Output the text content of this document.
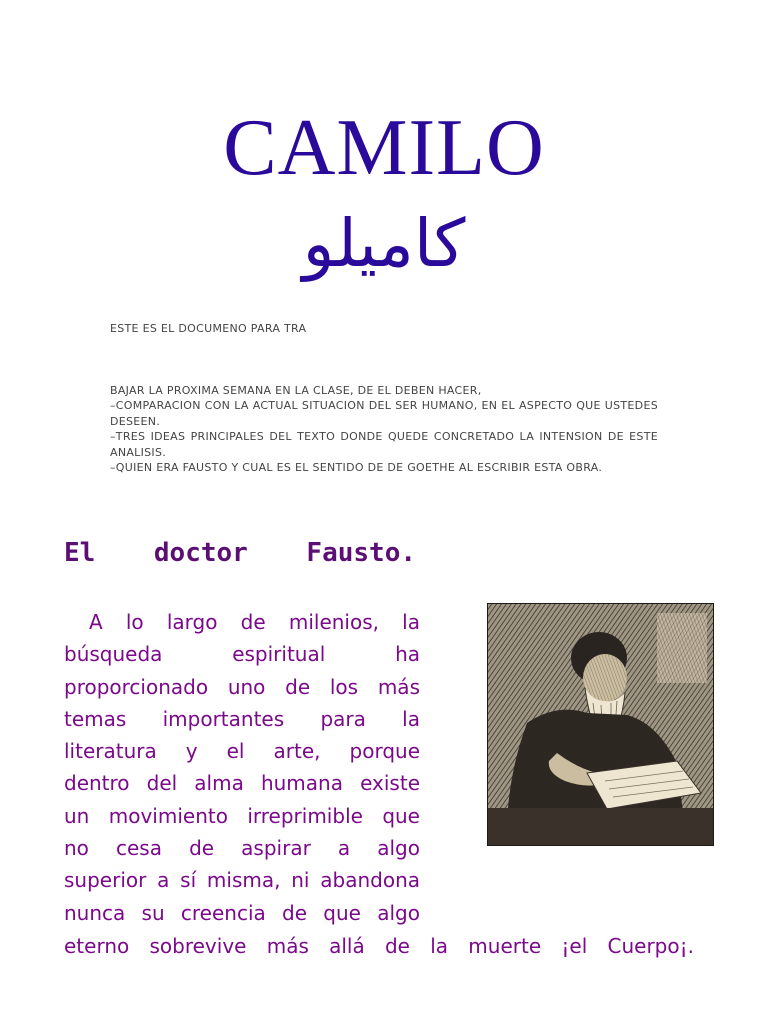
CAMILO
كاميلو

ESTE ES EL DOCUMENO PARA TRA

BAJAR LA PROXIMA SEMANA EN LA CLASE, DE EL DEBEN HACER,
–COMPARACION CON LA ACTUAL SITUACION DEL SER HUMANO, EN EL ASPECTO QUE USTEDES DESEEN.
–TRES IDEAS PRINCIPALES DEL TEXTO DONDE QUEDE CONCRETADO LA INTENSION DE ESTE ANALISIS.
–QUIEN ERA FAUSTO Y CUAL ES EL SENTIDO DE DE GOETHE AL ESCRIBIR ESTA OBRA.

El doctor Fausto.
A lo largo de milenios, la
búsqueda espiritual ha
proporcionado uno de los más
temas importantes para la
literatura y el arte, porque
dentro del alma humana existe
un movimiento irreprimible que
no cesa de aspirar a algo
superior a sí misma, ni abandona
nunca su creencia de que algo
eterno sobrevive más allá de la muerte ¡el Cuerpo¡.
